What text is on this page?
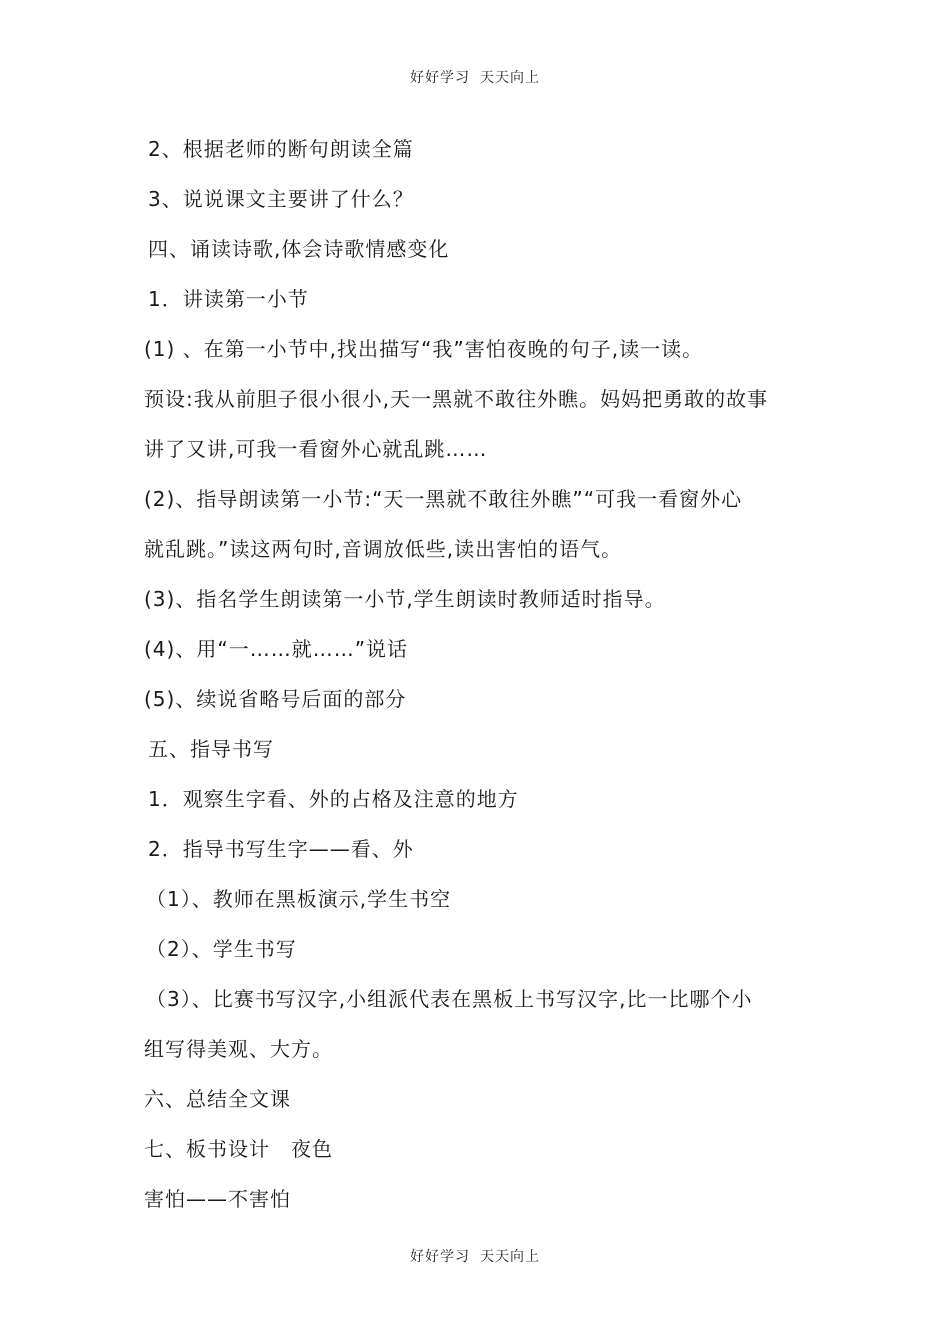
好好学习 天天向上
2、根据老师的断句朗读全篇
3、说说课文主要讲了什么？
四、诵读诗歌,体会诗歌情感变化
1．讲读第一小节
(1) 、在第一小节中,找出描写“我”害怕夜晚的句子,读一读。
预设:我从前胆子很小很小,天一黑就不敢往外瞧。妈妈把勇敢的故事
讲了又讲,可我一看窗外心就乱跳……
(2)、指导朗读第一小节:“天一黑就不敢往外瞧”“可我一看窗外心
就乱跳。”读这两句时,音调放低些,读出害怕的语气。
(3)、指名学生朗读第一小节,学生朗读时教师适时指导。
(4)、用“一……就……”说话
(5)、续说省略号后面的部分
五、指导书写
1．观察生字看、外的占格及注意的地方
2．指导书写生字——看、外
（1）、教师在黑板演示,学生书空
（2）、学生书写
（3）、比赛书写汉字,小组派代表在黑板上书写汉字,比一比哪个小
组写得美观、大方。
六、总结全文课
七、板书设计　夜色
害怕——不害怕
好好学习 天天向上
